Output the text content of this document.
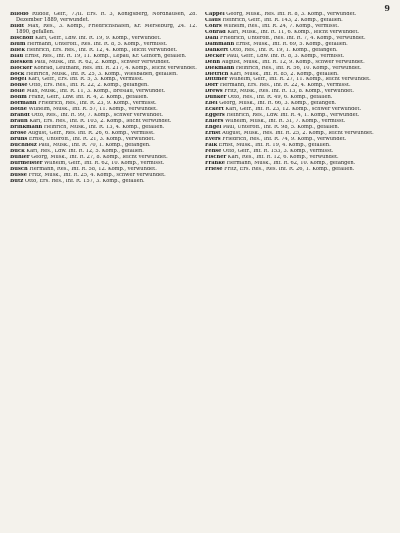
9
Bilodo Rudolf, Gefr., 7./II. Ers. R. 3, Königsberg, Nordhausen, 28. Dezember 1889, verwundet.
Bildt Max, Res., 3. Komp., Friedrichshafen, Kr. Merseburg, 24. 12. 1890, gefallen.
Bischoff Karl, Gefr., Ldw. Inf. R. 19, 9. Komp., verwundet.
Blum Hermann, Unteroff., Res. Inf. R. 8, 5. Komp., vermisst.
Bliek Heinrich, Ers. Res., Inf. R. 12, 4. Komp., leicht verwundet.
Blau Ernst, Res., Inf. R. 19, 11. Komp., Lepau, Kr. Gifhorn, gefallen.
Blesken Paul, Musk., Inf. R. 62, 2. Komp., schwer verwundet.
Blöcker Konrad, Leutnant, Res. Inf. R. 217, 4. Komp., leicht verwundet.
Bock Heinrich, Musk., Inf. R. 25, 3. Komp., Wiesbaden, gefallen.
Bogel Karl, Gefr., Ers. Inf. R. 5, 3. Komp., vermisst.
Bohse Otto, Ers. Res., Inf. R. 22, 2. Komp., gefangen.
Bolle Max, Musk., Inf. R. 11, 3. Komp., Breslau, verwundet.
Böhm Franz, Gefr., Ldw. Inf. R. 4, 2. Komp., gefallen.
Bormann Friedrich, Res., Inf. R. 23, 9. Komp., vermisst.
Bothe Wilhelm, Musk., Inf. R. 57, 11. Komp., verwundet.
Brandt Otto, Res., Inf. R. 99, 7. Komp., schwer verwundet.
Braun Karl, Ers. Res., Inf. R. 103, 2. Komp., leicht verwundet.
Brinkmann Heinrich, Musk., Inf. R. 13, 4. Komp., gefallen.
Brose August, Gefr., Res. Inf. R. 26, 6. Komp., vermisst.
Bruns Ernst, Unteroff., Inf. R. 21, 3. Komp., verwundet.
Buchholz Paul, Musk., Inf. R. 70, 1. Komp., gefangen.
Buck Karl, Res., Ldw. Inf. R. 12, 5. Komp., gefallen.
Bühler Georg, Musk., Inf. R. 27, 8. Komp., leicht verwundet.
Burmeister Wilhelm, Gefr., Inf. R. 62, 10. Komp., vermisst.
Busch Hermann, Res., Inf. R. 58, 12. Komp., verwundet.
Busse Fritz, Musk., Inf. R. 25, 4. Komp., schwer verwundet.
Butz Otto, Ers. Res., Inf. R. 157, 3. Komp., gefallen.
Cappel Georg, Musk., Res. Inf. R. 8, 3. Komp., verwundet.
Claus Heinrich, Gefr., Inf. R. 143, 2. Komp., gefallen.
Cohrs Wilhelm, Res., Inf. R. 24, 7. Komp., vermisst.
Conrad Karl, Musk., Inf. R. 11, 6. Komp., leicht verwundet.
Dahl Friedrich, Unteroff., Res. Inf. R. 7, 4. Komp., verwundet.
Dammann Ernst, Musk., Inf. R. 69, 5. Komp., gefallen.
Dankert Otto, Res., Inf. R. 19, 1. Komp., gefangen.
Decker Paul, Gefr., Ldw. Inf. R. 8, 3. Komp., vermisst.
Dehn August, Musk., Inf. R. 12, 9. Komp., schwer verwundet.
Diekmann Heinrich, Res., Inf. R. 56, 10. Komp., verwundet.
Dietrich Karl, Musk., Inf. R. 85, 2. Komp., gefallen.
Dittmer Wilhelm, Gefr., Inf. R. 27, 11. Komp., leicht verwundet.
Dörr Hermann, Ers. Res., Inf. R. 22, 4. Komp., vermisst.
Drews Fritz, Musk., Res. Inf. R. 13, 8. Komp., verwundet.
Dunker Otto, Res., Inf. R. 49, 6. Komp., gefallen.
Ebel Georg, Musk., Inf. R. 66, 3. Komp., gefangen.
Eckert Karl, Gefr., Inf. R. 23, 12. Komp., schwer verwundet.
Eggers Heinrich, Res., Ldw. Inf. R. 4, 1. Komp., verwundet.
Ehlers Wilhelm, Musk., Inf. R. 31, 7. Komp., vermisst.
Engel Paul, Unteroff., Inf. R. 98, 5. Komp., gefallen.
Ernst August, Musk., Res. Inf. R. 25, 2. Komp., leicht verwundet.
Evers Friedrich, Res., Inf. R. 74, 9. Komp., verwundet.
Falk Ernst, Musk., Inf. R. 19, 4. Komp., gefallen.
Fehse Otto, Gefr., Inf. R. 153, 3. Komp., vermisst.
Fischer Karl, Res., Inf. R. 12, 6. Komp., verwundet.
Franke Hermann, Musk., Inf. R. 62, 10. Komp., gefangen.
Friese Fritz, Ers. Res., Res. Inf. R. 26, 1. Komp., gefallen.
